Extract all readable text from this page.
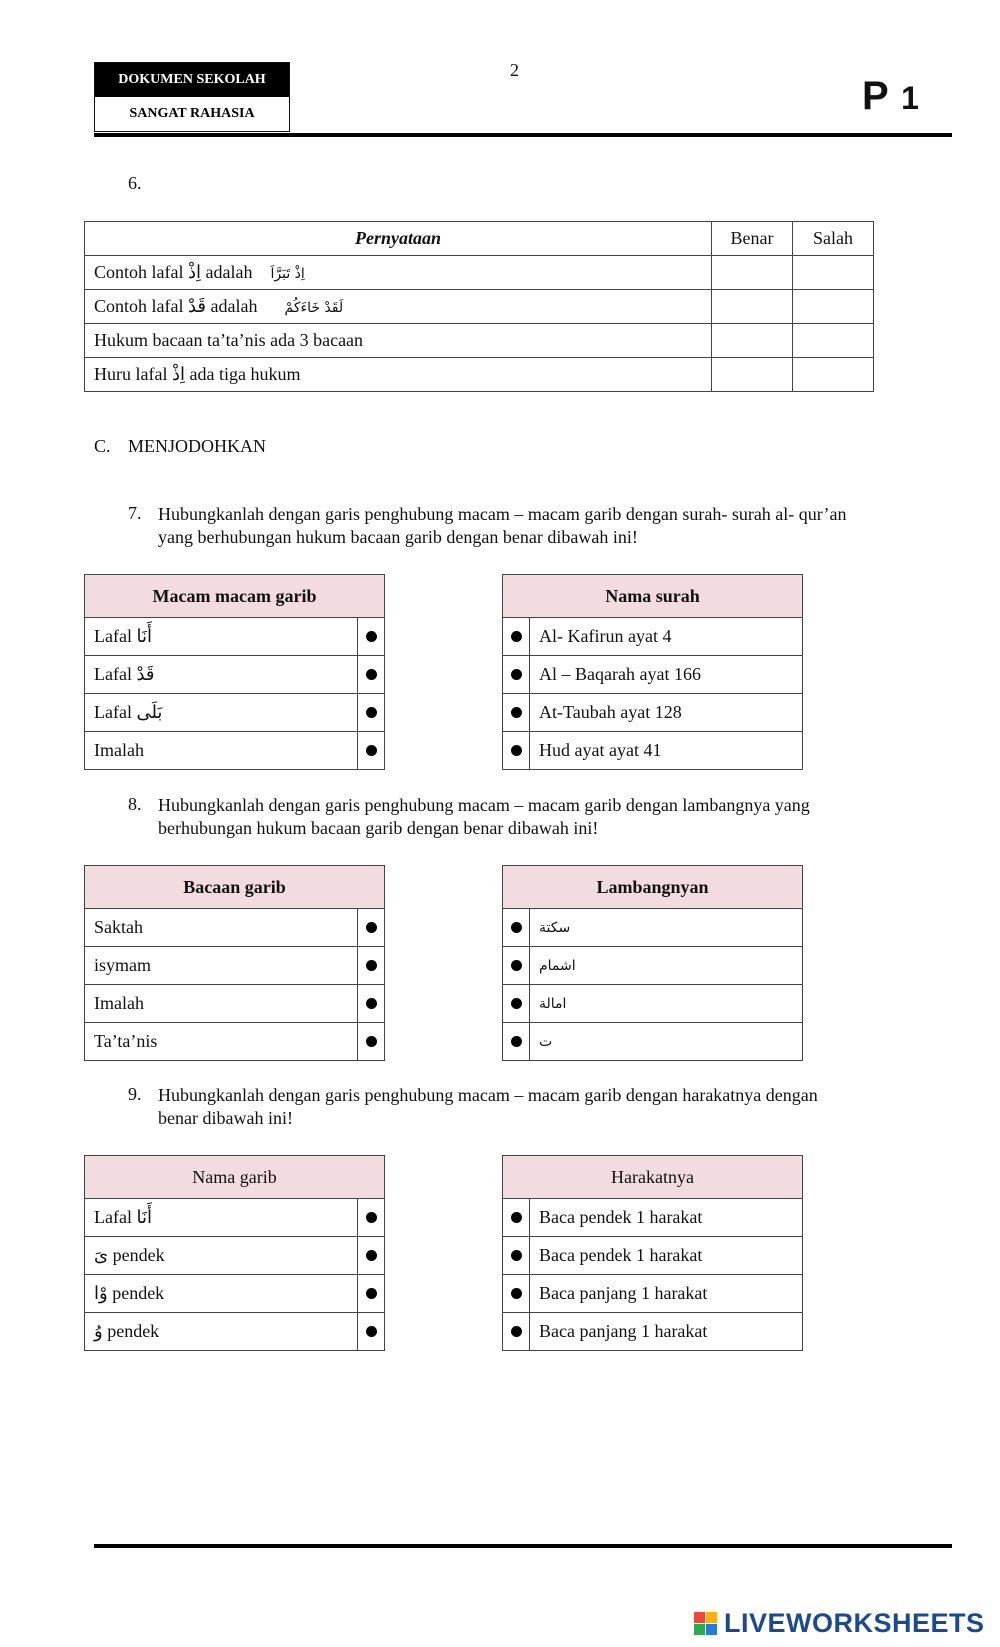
DOKUMEN SEKOLAH
SANGAT RAHASIA
2
P 1
6.
Pernyataan	Benar	Salah
Contoh lafal اِذْ adalah اِذْ تَبَرَّاَ		
Contoh lafal قَدْ adalah لَقَدْ خَاءَكُمْ		
Hukum bacaan ta’ta’nis ada 3 bacaan		
Huru lafal اِذْ ada tiga hukum		
C. MENJODOHKAN
7. Hubungkanlah dengan garis penghubung macam – macam garib dengan surah- surah al- qur’an
yang berhubungan hukum bacaan garib dengan benar dibawah ini!
Macam macam garib	
Lafal أَنَا	
Lafal قَدْ	
Lafal بَلَى	
Imalah	
Nama surah	
	Al- Kafirun ayat 4
	Al – Baqarah ayat 166
	At-Taubah ayat 128
	Hud ayat ayat 41
8. Hubungkanlah dengan garis penghubung macam – macam garib dengan lambangnya yang
berhubungan hukum bacaan garib dengan benar dibawah ini!
Bacaan garib	
Saktah	
isymam	
Imalah	
Ta’ta’nis	
Lambangnyan	
	سكتة
	اشمام
	امالة
	ت
9. Hubungkanlah dengan garis penghubung macam – macam garib dengan harakatnya dengan
benar dibawah ini!
Nama garib	
Lafal أَنَا	
ىَ pendek	
وْا pendek	
وُ pendek	
Harakatnya	
	Baca pendek 1 harakat
	Baca pendek 1 harakat
	Baca panjang 1 harakat
	Baca panjang 1 harakat
LIVEWORKSHEETS
